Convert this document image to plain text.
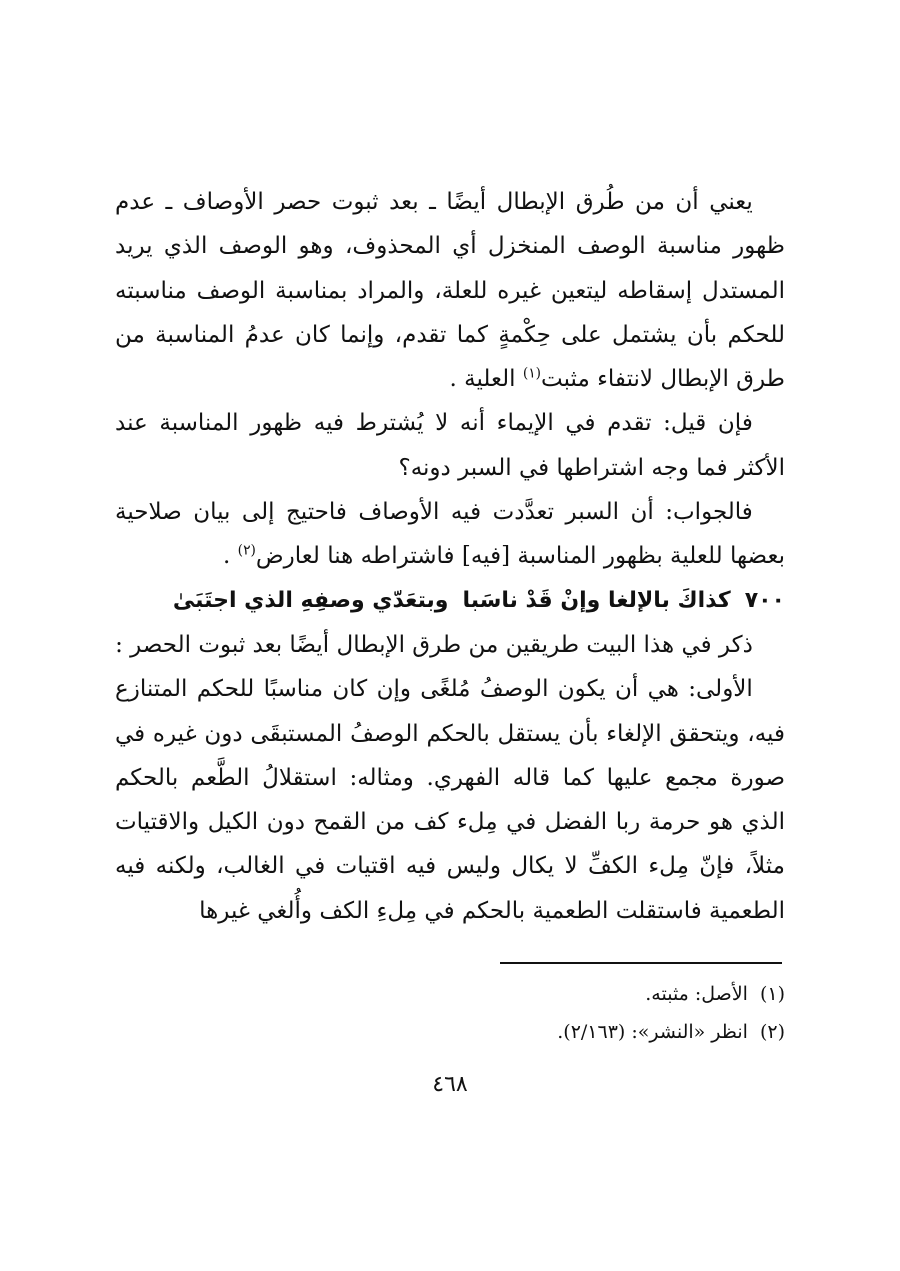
يعني أن من طُرق الإبطال أيضًا ـ بعد ثبوت حصر الأوصاف ـ عدم ظهور مناسبة الوصف المنخزل أي المحذوف، وهو الوصف الذي يريد المستدل إسقاطه ليتعين غيره للعلة، والمراد بمناسبة الوصف مناسبته للحكم بأن يشتمل على حِكْمةٍ كما تقدم، وإنما كان عدمُ المناسبة من طرق الإبطال لانتفاء مثبت$^{(١)}$ العلية .

فإن قيل: تقدم في الإيماء أنه لا يُشترط فيه ظهور المناسبة عند الأكثر فما وجه اشتراطها في السبر دونه؟

فالجواب: أن السبر تعدَّدت فيه الأوصاف فاحتيج إلى بيان صلاحية بعضها للعلية بظهور المناسبة [فيه] فاشتراطه هنا لعارض$^{(٢)}$ .

٧٠٠
كذاكَ بالإلغا وإنْ قَدْ ناسَبا
وبتعَدّي وصفِهِ الذي اجتَبَىٰ

ذكر في هذا البيت طريقين من طرق الإبطال أيضًا بعد ثبوت الحصر :

الأولى: هي أن يكون الوصفُ مُلغًى وإن كان مناسبًا للحكم المتنازع فيه، ويتحقق الإلغاء بأن يستقل بالحكم الوصفُ المستبقَى دون غيره في صورة مجمع عليها كما قاله الفهري. ومثاله: استقلالُ الطَّعم بالحكم الذي هو حرمة ربا الفضل في مِلء كف من القمح دون الكيل والاقتيات مثلاً، فإنّ مِلء الكفِّ لا يكال وليس فيه اقتيات في الغالب، ولكنه فيه الطعمية فاستقلت الطعمية بالحكم في مِلءِ الكف وأُلغي غيرها

(١)
الأصل: مثبته.
(٢)
انظر «النشر»: (٢/١٦٣).
٤٦٨
